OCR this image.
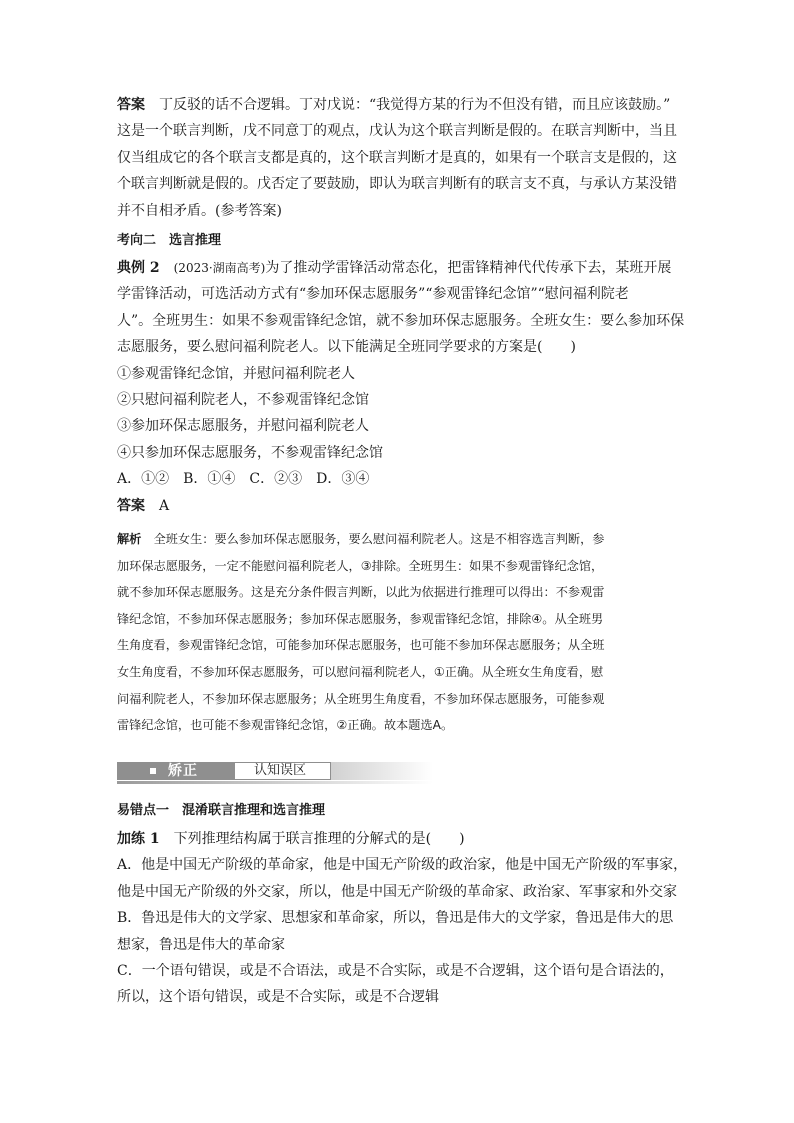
答案　 丁反驳的话不合逻辑。丁对戊说：“我觉得方某的行为不但没有错，而且应该鼓励。”
这是一个联言判断，戊不同意丁的观点，戊认为这个联言判断是假的。在联言判断中，当且
仅当组成它的各个联言支都是真的，这个联言判断才是真的，如果有一个联言支是假的，这
个联言判断就是假的。戊否定了要鼓励，即认为联言判断有的联言支不真，与承认方某没错
并不自相矛盾。(参考答案)
考向二　选言推理
典例 2　 (2023·湖南高考)为了推动学雷锋活动常态化，把雷锋精神代代传承下去，某班开展
学雷锋活动，可选活动方式有“参加环保志愿服务”“参观雷锋纪念馆”“慰问福利院老
人”。全班男生：如果不参观雷锋纪念馆，就不参加环保志愿服务。全班女生：要么参加环保
志愿服务，要么慰问福利院老人。以下能满足全班同学要求的方案是(　　)
①参观雷锋纪念馆，并慰问福利院老人
②只慰问福利院老人，不参观雷锋纪念馆
③参加环保志愿服务，并慰问福利院老人
④只参加环保志愿服务，不参观雷锋纪念馆
A．①②　B．①④　C．②③　D．③④
答案　 A
解析　 全班女生：要么参加环保志愿服务，要么慰问福利院老人。这是不相容选言判断，参
加环保志愿服务，一定不能慰问福利院老人，③排除。全班男生：如果不参观雷锋纪念馆，
就不参加环保志愿服务。这是充分条件假言判断，以此为依据进行推理可以得出：不参观雷
锋纪念馆，不参加环保志愿服务；参加环保志愿服务，参观雷锋纪念馆，排除④。从全班男
生角度看，参观雷锋纪念馆，可能参加环保志愿服务，也可能不参加环保志愿服务；从全班
女生角度看，不参加环保志愿服务，可以慰问福利院老人，①正确。从全班女生角度看，慰
问福利院老人，不参加环保志愿服务；从全班男生角度看，不参加环保志愿服务，可能参观
雷锋纪念馆，也可能不参观雷锋纪念馆，②正确。故本题选A。
矫正	认知误区
易错点一　混淆联言推理和选言推理
加练 1　 下列推理结构属于联言推理的分解式的是(　　)
A．他是中国无产阶级的革命家，他是中国无产阶级的政治家，他是中国无产阶级的军事家，
他是中国无产阶级的外交家，所以，他是中国无产阶级的革命家、政治家、军事家和外交家
B．鲁迅是伟大的文学家、思想家和革命家，所以，鲁迅是伟大的文学家，鲁迅是伟大的思
想家，鲁迅是伟大的革命家
C．一个语句错误，或是不合语法，或是不合实际，或是不合逻辑，这个语句是合语法的，
所以，这个语句错误，或是不合实际，或是不合逻辑
